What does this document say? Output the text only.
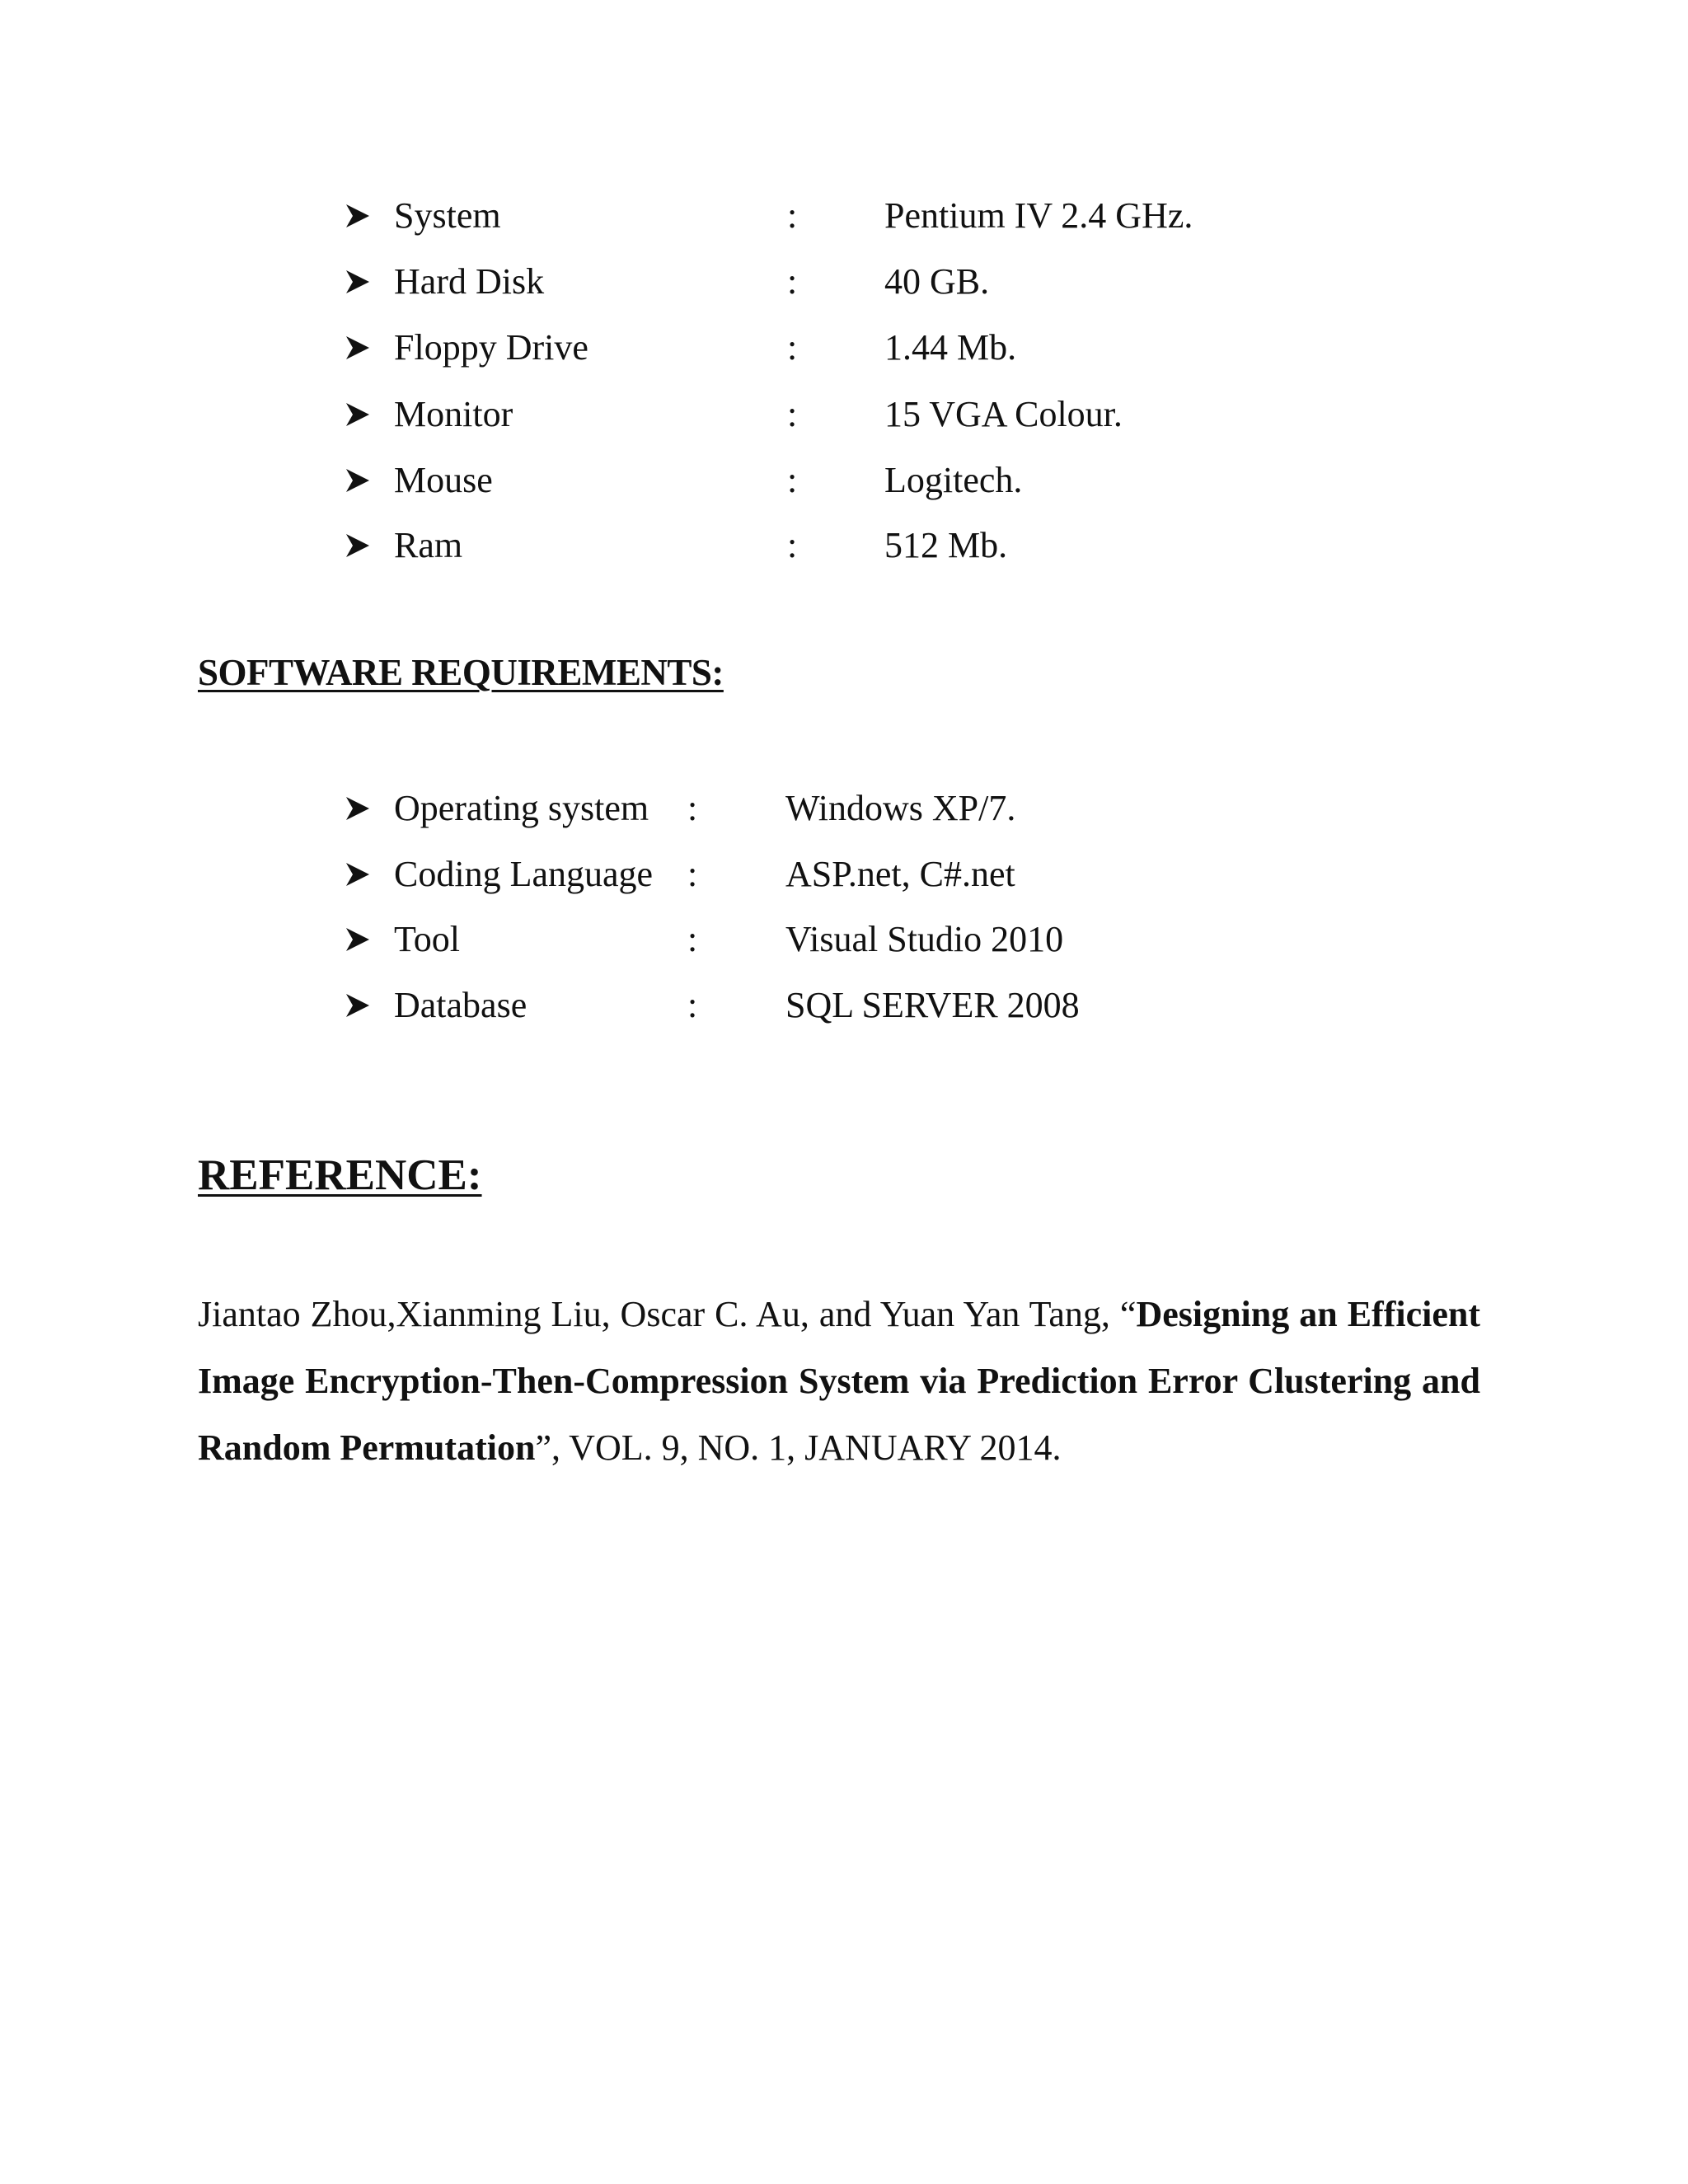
System	: Pentium IV 2.4 GHz.
Hard Disk	: 40 GB.
Floppy Drive	: 1.44 Mb.
Monitor	: 15 VGA Colour.
Mouse	: Logitech.
Ram	: 512 Mb.
SOFTWARE REQUIREMENTS:
Operating system : Windows XP/7.
Coding Language : ASP.net, C#.net
Tool	: Visual Studio 2010
Database	: SQL SERVER 2008
REFERENCE:

Jiantao Zhou,Xianming Liu, Oscar C. Au, and Yuan Yan Tang, “Designing an Efficient Image Encryption-Then-Compression System via Prediction Error Clustering and Random Permutation”, VOL. 9, NO. 1, JANUARY 2014.
